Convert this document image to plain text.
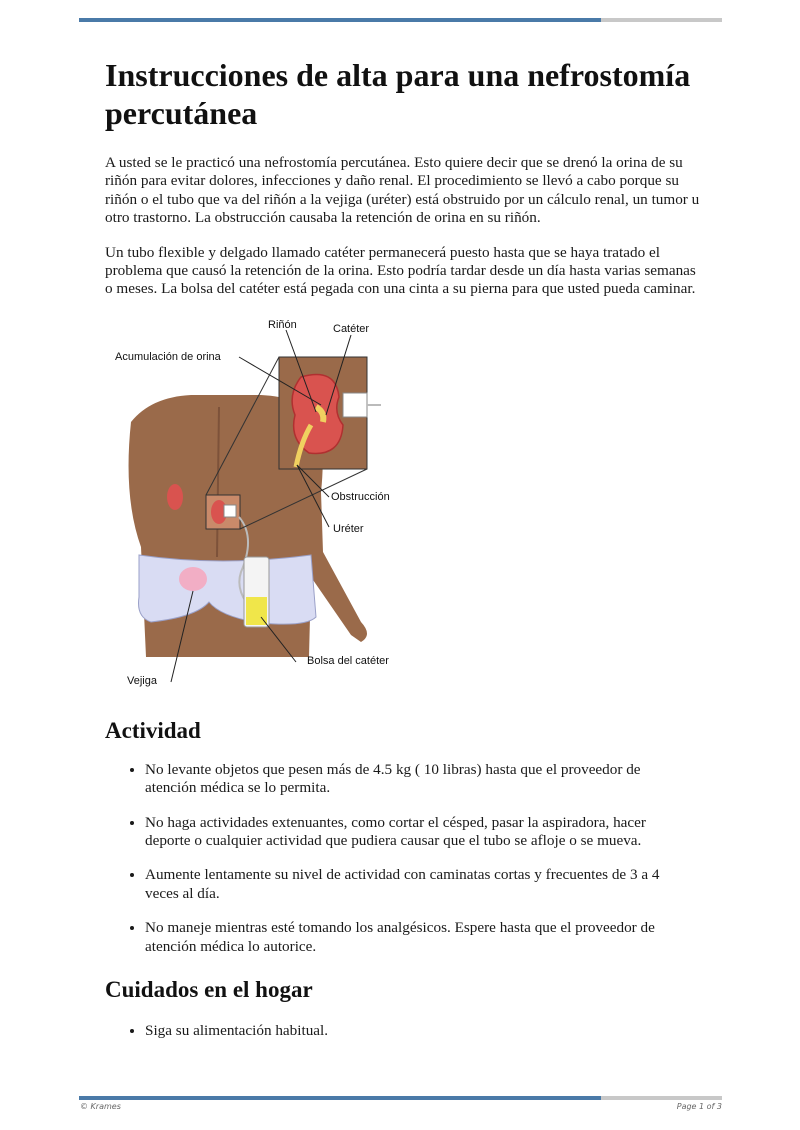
Instrucciones de alta para una nefrostomía percutánea

A usted se le practicó una nefrostomía percutánea. Esto quiere decir que se drenó la orina de su riñón para evitar dolores, infecciones y daño renal. El procedimiento se llevó a cabo porque su riñón o el tubo que va del riñón a la vejiga (uréter) está obstruido por un cálculo renal, un tumor u otro trastorno. La obstrucción causaba la retención de orina en su riñón.

Un tubo flexible y delgado llamado catéter permanecerá puesto hasta que se haya tratado el problema que causó la retención de la orina. Esto podría tardar desde un día hasta varias semanas o meses. La bolsa del catéter está pegada con una cinta a su pierna para que usted pueda caminar.

Riñón	Catéter
Acumulación de orina
Obstrucción
Uréter
Bolsa del catéter
Vejiga
Actividad
• No levante objetos que pesen más de 4.5 kg ( 10 libras) hasta que el proveedor de atención médica se lo permita.
• No haga actividades extenuantes, como cortar el césped, pasar la aspiradora, hacer deporte o cualquier actividad que pudiera causar que el tubo se afloje o se mueva.
• Aumente lentamente su nivel de actividad con caminatas cortas y frecuentes de 3 a 4 veces al día.
• No maneje mientras esté tomando los analgésicos. Espere hasta que el proveedor de atención médica lo autorice.
Cuidados en el hogar
• Siga su alimentación habitual.
© Krames	Page 1 of 3
